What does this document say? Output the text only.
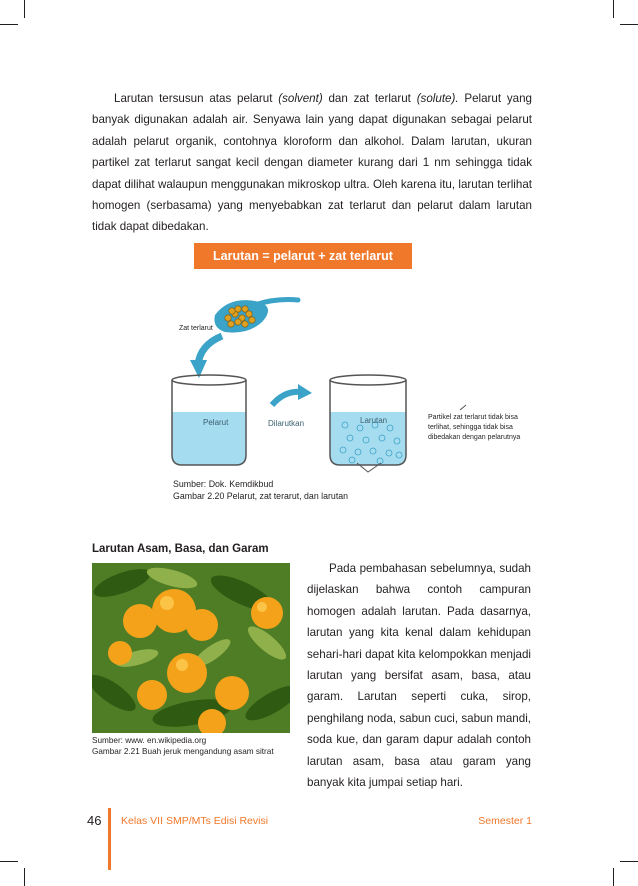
Larutan tersusun atas pelarut (solvent) dan zat terlarut (solute). Pelarut yang banyak digunakan adalah air. Senyawa lain yang dapat digunakan sebagai pelarut adalah pelarut organik, contohnya kloroform dan alkohol. Dalam larutan, ukuran partikel zat terlarut sangat kecil dengan diameter kurang dari 1 nm sehingga tidak dapat dilihat walaupun menggunakan mikroskop ultra. Oleh karena itu, larutan terlihat homogen (serbasama) yang menyebabkan zat terlarut dan pelarut dalam larutan tidak dapat dibedakan.

Larutan = pelarut + zat terlarut
Zat terlarut
Pelarut	Dilarutkan	Larutan	Partikel zat terlarut tidak bisa terlihat, sehingga tidak bisa dibedakan dengan pelarutnya
Sumber: Dok. Kemdikbud
Gambar 2.20 Pelarut, zat terarut, dan larutan
Larutan Asam, Basa, dan Garam
Sumber: www. en.wikipedia.org
Gambar 2.21 Buah jeruk mengandung asam sitrat

Pada pembahasan sebelumnya, sudah dijelaskan bahwa contoh campuran homogen adalah larutan. Pada dasarnya, larutan yang kita kenal dalam kehidupan sehari-hari dapat kita kelompokkan menjadi larutan yang bersifat asam, basa, atau garam. Larutan seperti cuka, sirop, penghilang noda, sabun cuci, sabun mandi, soda kue, dan garam dapur adalah contoh larutan asam, basa atau garam yang banyak kita jumpai setiap hari.

46 Kelas VII SMP/MTs Edisi Revisi	Semester 1
